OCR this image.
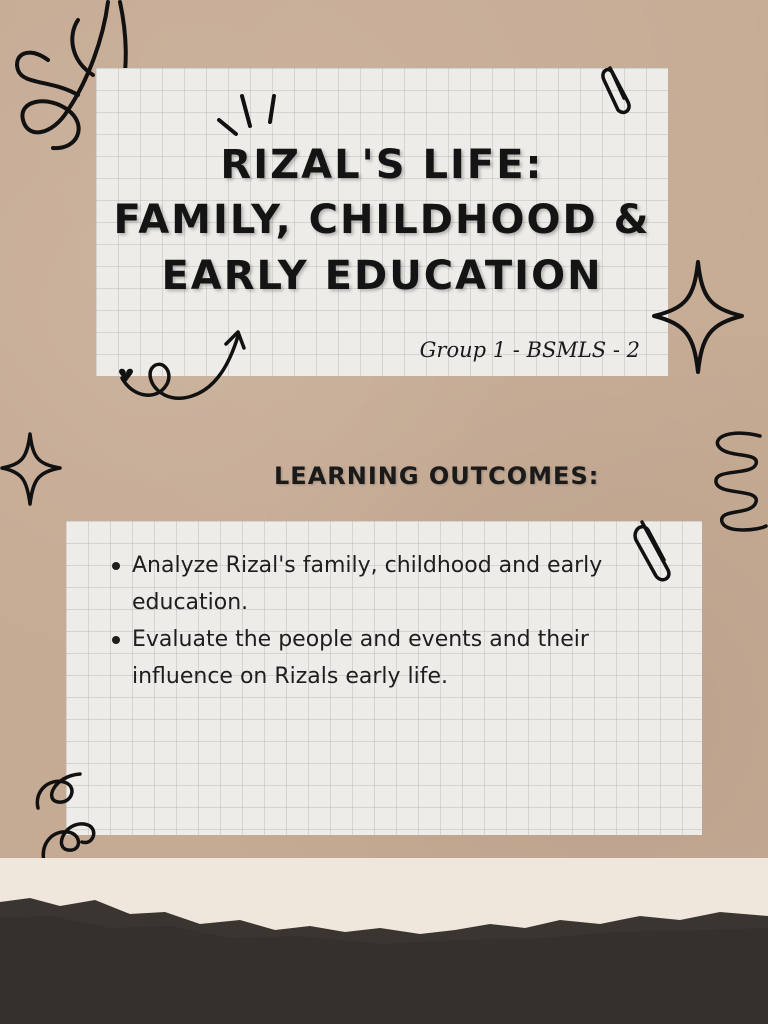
RIZAL'S LIFE:
FAMILY, CHILDHOOD &
EARLY EDUCATION
Group 1 - BSMLS - 2
LEARNING OUTCOMES:
Analyze Rizal's family, childhood and early education.
Evaluate the people and events and their influence on Rizals early life.
